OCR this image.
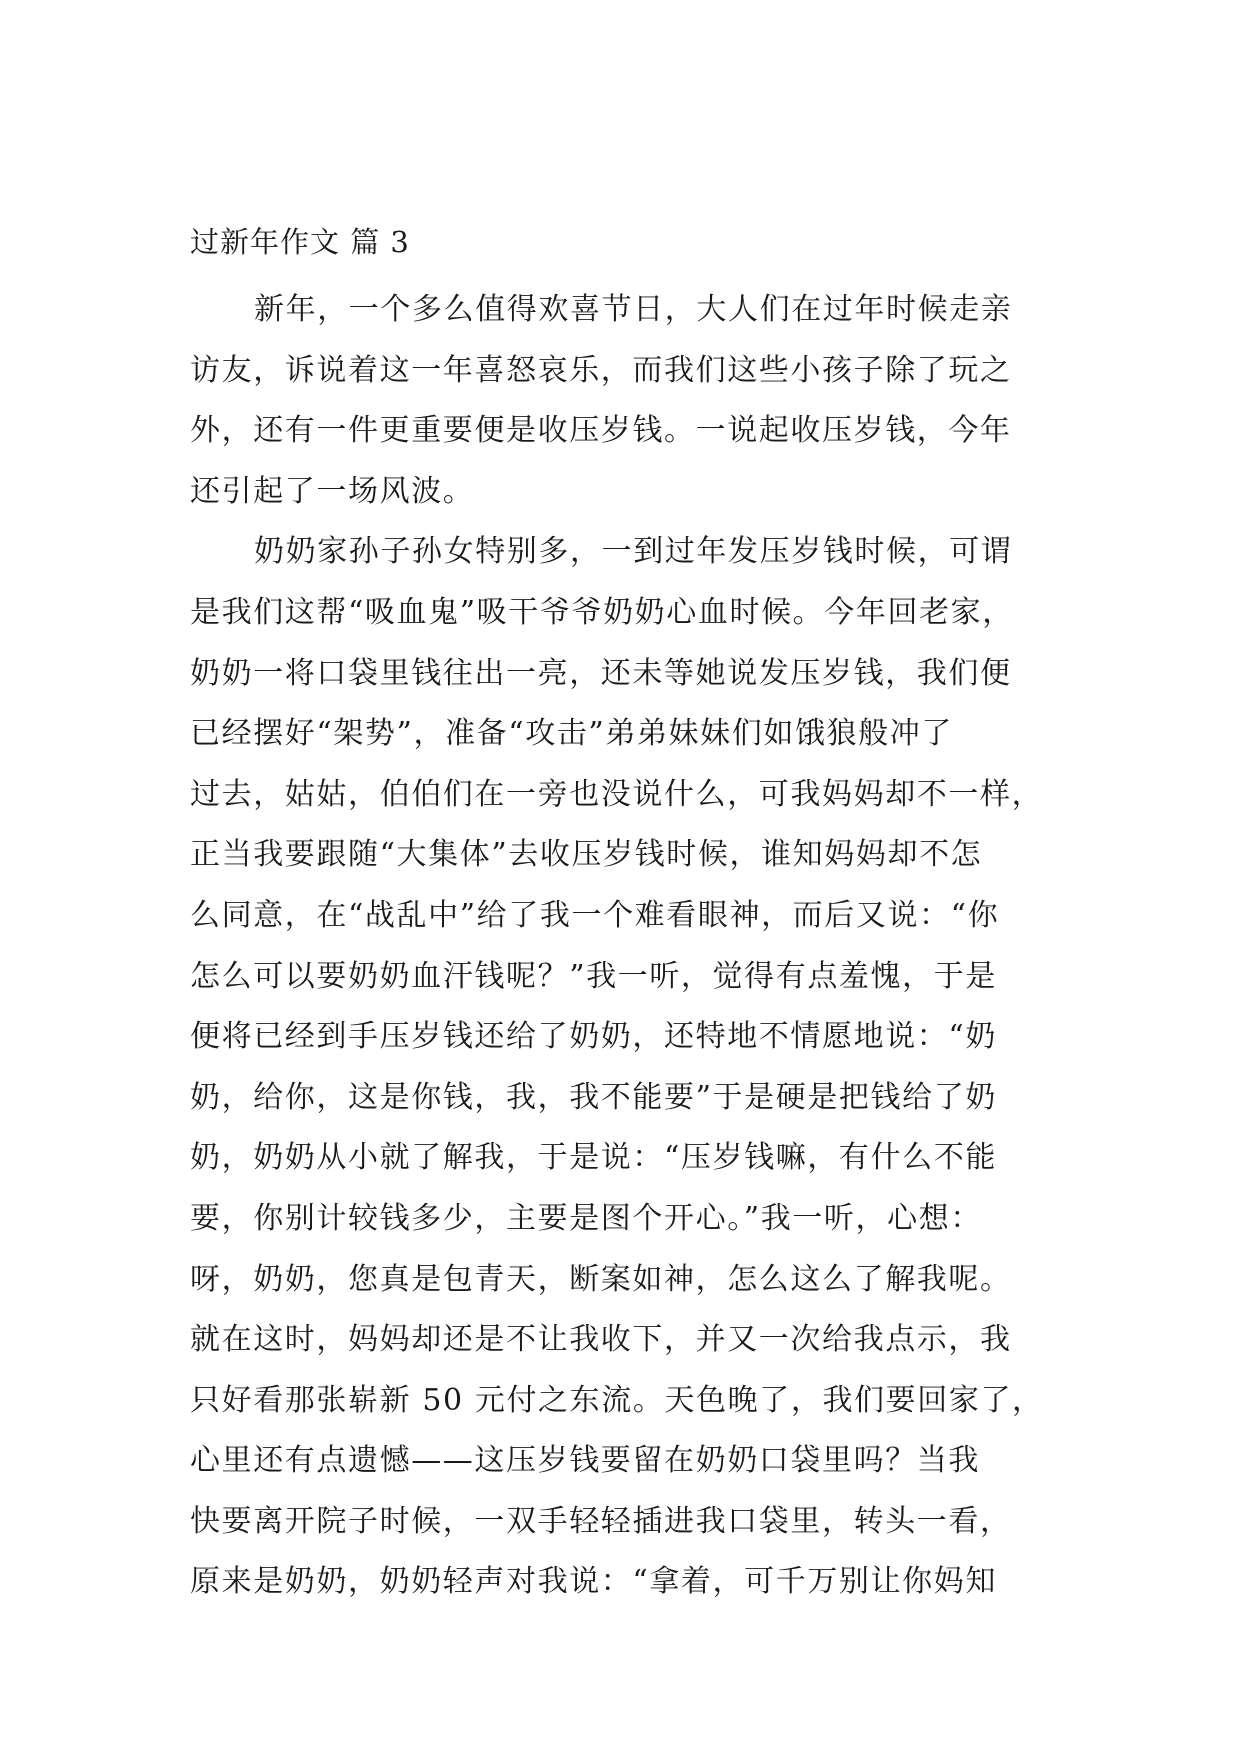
过新年作文 篇 3
新年，一个多么值得欢喜节日，大人们在过年时候走亲
访友，诉说着这一年喜怒哀乐，而我们这些小孩子除了玩之
外，还有一件更重要便是收压岁钱。一说起收压岁钱，今年
还引起了一场风波。
奶奶家孙子孙女特别多，一到过年发压岁钱时候，可谓
是我们这帮“吸血鬼”吸干爷爷奶奶心血时候。今年回老家，
奶奶一将口袋里钱往出一亮，还未等她说发压岁钱，我们便
已经摆好“架势”，准备“攻击”弟弟妹妹们如饿狼般冲了
过去，姑姑，伯伯们在一旁也没说什么，可我妈妈却不一样，
正当我要跟随“大集体”去收压岁钱时候，谁知妈妈却不怎
么同意，在“战乱中”给了我一个难看眼神，而后又说：“你
怎么可以要奶奶血汗钱呢？”我一听，觉得有点羞愧，于是
便将已经到手压岁钱还给了奶奶，还特地不情愿地说：“奶
奶，给你，这是你钱，我，我不能要”于是硬是把钱给了奶
奶，奶奶从小就了解我，于是说：“压岁钱嘛，有什么不能
要，你别计较钱多少，主要是图个开心。”我一听，心想：
呀，奶奶，您真是包青天，断案如神，怎么这么了解我呢。
就在这时，妈妈却还是不让我收下，并又一次给我点示，我
只好看那张崭新 50 元付之东流。天色晚了，我们要回家了，
心里还有点遗憾——这压岁钱要留在奶奶口袋里吗？当我
快要离开院子时候，一双手轻轻插进我口袋里，转头一看，
原来是奶奶，奶奶轻声对我说：“拿着，可千万别让你妈知
